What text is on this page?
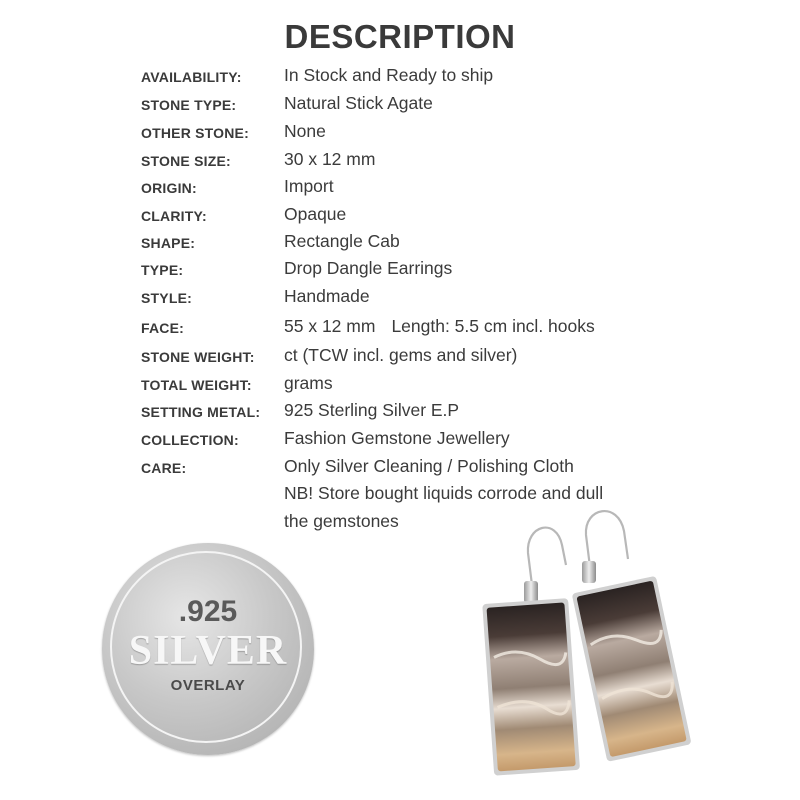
DESCRIPTION
AVAILABILITY: In Stock and Ready to ship
STONE TYPE:	Natural Stick Agate
OTHER STONE: None
STONE SIZE:	30 x 12 mm
ORIGIN:	Import
CLARITY:	Opaque
SHAPE:	Rectangle Cab
TYPE:	Drop Dangle Earrings
STYLE:	Handmade
FACE:	55 x 12 mm Length: 5.5 cm incl. hooks
STONE WEIGHT: ct (TCW incl. gems and silver)
TOTAL WEIGHT: grams
SETTING METAL: 925 Sterling Silver E.P
COLLECTION:	Fashion Gemstone Jewellery
CARE:	Only Silver Cleaning / Polishing Cloth
NB! Store bought liquids corrode and dull
the gemstones
.925
SILVER
OVERLAY
